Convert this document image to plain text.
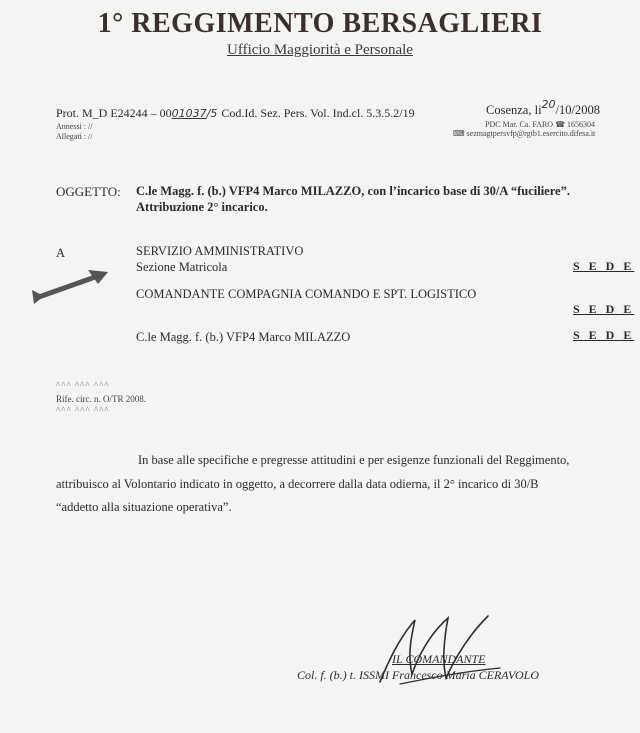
1° REGGIMENTO BERSAGLIERI
Ufficio Maggiorità e Personale
Prot. M_D E24244 – 0001037/5 Cod.Id. Sez. Pers. Vol. Ind.cl. 5.3.5.2/19
Annessi : //
Allegati : //
Cosenza, li20/10/2008
PDC Mar. Ca. FARO ☎ 1656304
⌨ sezmagtpersvfp@rgtb1.esercito.difesa.it
OGGETTO: C.le Magg. f. (b.) VFP4 Marco MILAZZO, con l’incarico base di 30/A “fuciliere”.
Attribuzione 2° incarico.
A	SERVIZIO AMMINISTRATIVO
Sezione Matricola	S E D E
COMANDANTE COMPAGNIA COMANDO E SPT. LOGISTICO
S E D E
C.le Magg. f. (b.) VFP4 Marco MILAZZO	S E D E
^^^ ^^^ ^^^
Rife. circ. n. O/TR 2008.
^^^ ^^^ ^^^
In base alle specifiche e pregresse attitudini e per esigenze funzionali del Reggimento,
attribuisco al Volontario indicato in oggetto, a decorrere dalla data odierna, il 2° incarico di 30/B
“addetto alla situazione operativa”.
IL COMANDANTE
Col. f. (b.) t. ISSMI Francesco Maria CERAVOLO
